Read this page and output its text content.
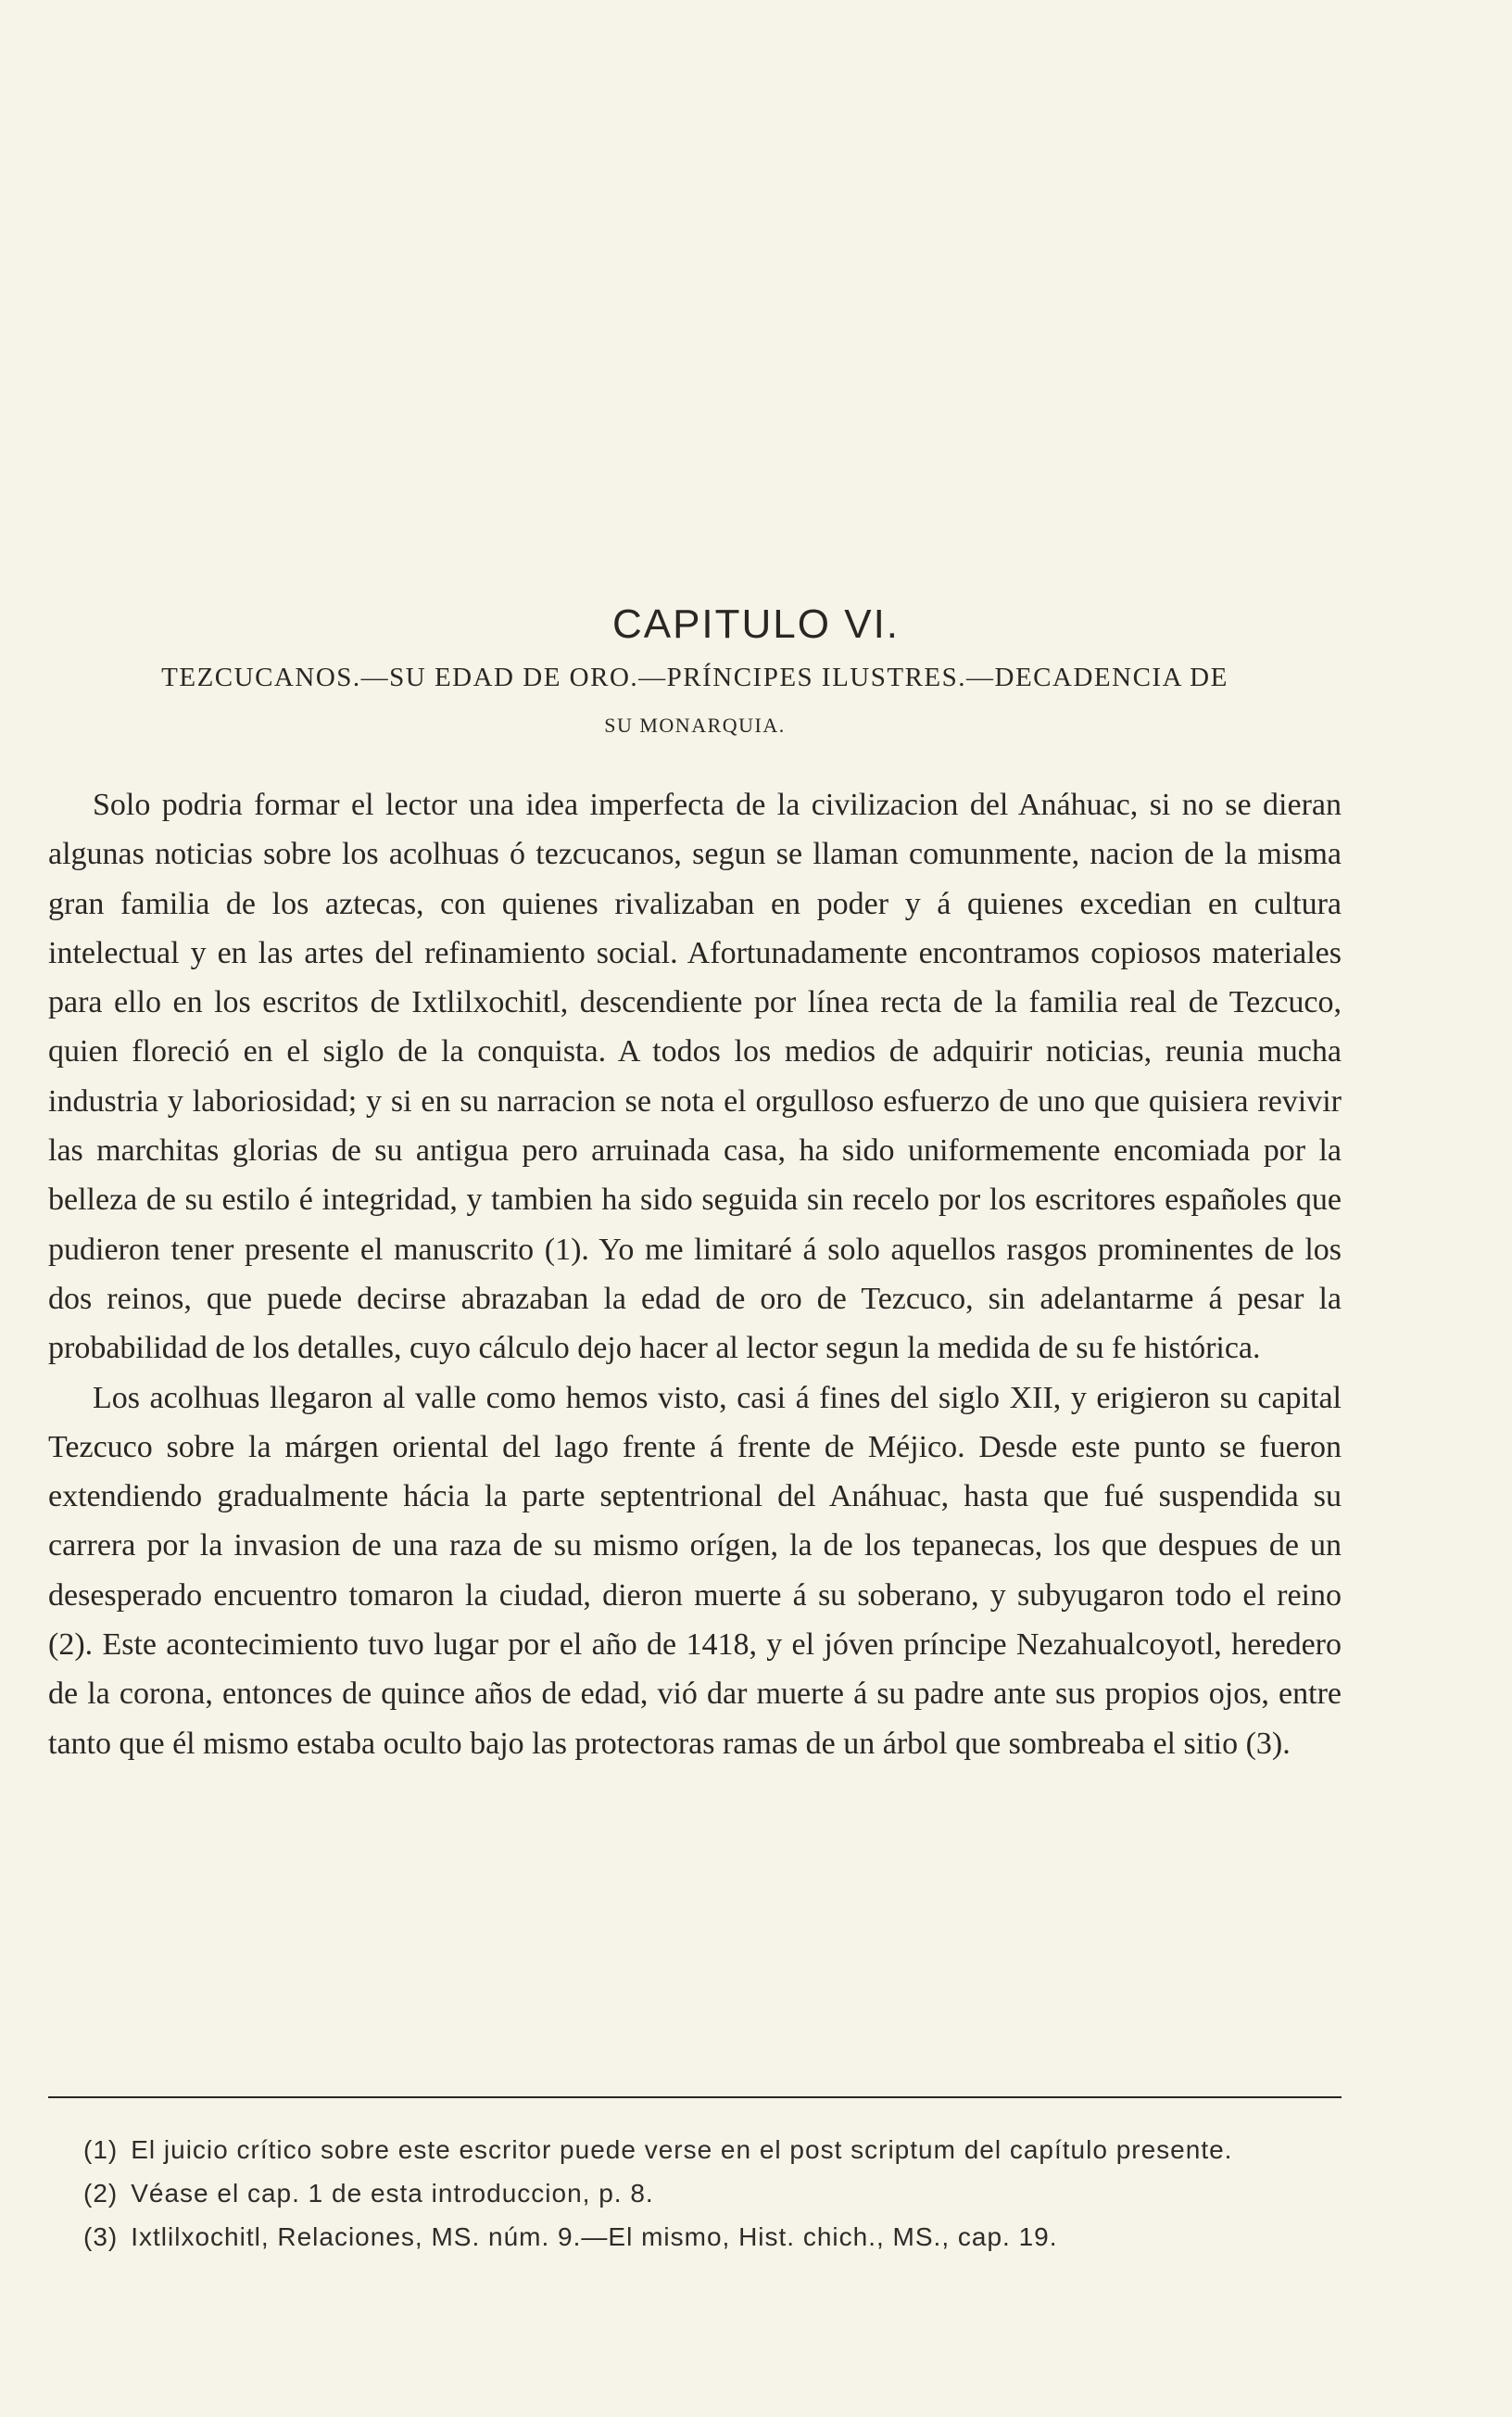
CAPITULO VI.
TEZCUCANOS.—SU EDAD DE ORO.—PRÍNCIPES ILUSTRES.—DECADENCIA DE
SU MONARQUIA.

Solo podria formar el lector una idea imperfecta de la civilizacion del Anáhuac, si no se dieran algunas noticias sobre los acolhuas ó tezcucanos, segun se llaman comunmente, nacion de la misma gran familia de los aztecas, con quienes rivalizaban en poder y á quienes excedian en cultura intelectual y en las artes del refinamiento social. Afortunadamente encontramos copiosos materiales para ello en los escritos de Ixtlilxochitl, descendiente por línea recta de la familia real de Tezcuco, quien floreció en el siglo de la conquista. A todos los medios de adquirir noticias, reunia mucha industria y laboriosidad; y si en su narracion se nota el orgulloso esfuerzo de uno que quisiera revivir las marchitas glorias de su antigua pero arruinada casa, ha sido uniformemente encomiada por la belleza de su estilo é integridad, y tambien ha sido seguida sin recelo por los escritores españoles que pudieron tener presente el manuscrito (1). Yo me limitaré á solo aquellos rasgos prominentes de los dos reinos, que puede decirse abrazaban la edad de oro de Tezcuco, sin adelantarme á pesar la probabilidad de los detalles, cuyo cálculo dejo hacer al lector segun la medida de su fe histórica.

Los acolhuas llegaron al valle como hemos visto, casi á fines del siglo XII, y erigieron su capital Tezcuco sobre la márgen oriental del lago frente á frente de Méjico. Desde este punto se fueron extendiendo gradualmente hácia la parte septentrional del Anáhuac, hasta que fué suspendida su carrera por la invasion de una raza de su mismo orígen, la de los tepanecas, los que despues de un desesperado encuentro tomaron la ciudad, dieron muerte á su soberano, y subyugaron todo el reino (2). Este acontecimiento tuvo lugar por el año de 1418, y el jóven príncipe Nezahualcoyotl, heredero de la corona, entonces de quince años de edad, vió dar muerte á su padre ante sus propios ojos, entre tanto que él mismo estaba oculto bajo las protectoras ramas de un árbol que sombreaba el sitio (3).

(1) El juicio crítico sobre este escritor puede verse en el post scriptum del capítulo presente.

(2) Véase el cap. 1 de esta introduccion, p. 8.

(3) Ixtlilxochitl, Relaciones, MS. núm. 9.—El mismo, Hist. chich., MS., cap. 19.
